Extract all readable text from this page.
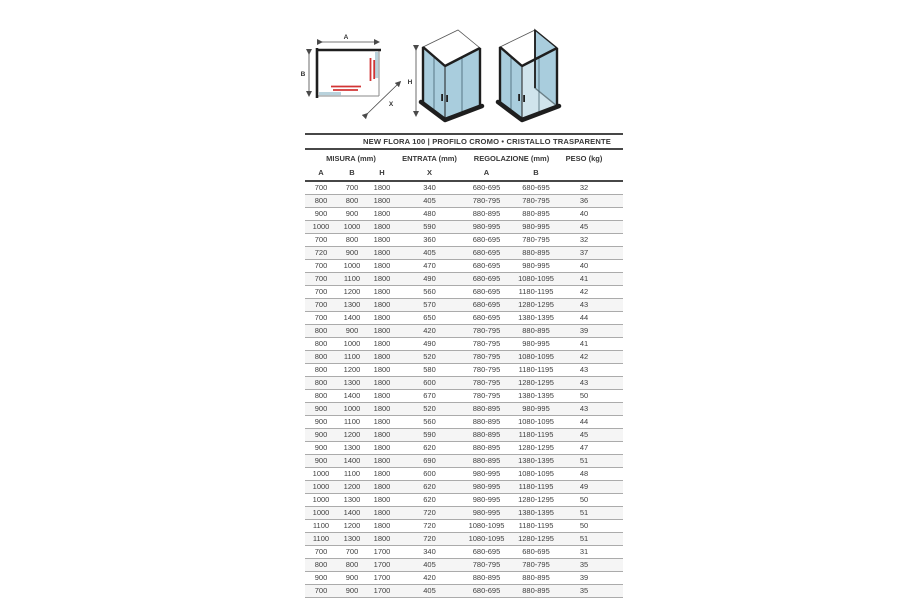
A
B
X
H
NEW FLORA 100 | PROFILO CROMO • CRISTALLO TRASPARENTE
MISURA (mm)	ENTRATA (mm)	REGOLAZIONE (mm)	PESO (kg)
A	B	H	X	A	B
700	700	1800	340	680-695	680-695	32
800	800	1800	405	780-795	780-795	36
900	900	1800	480	880-895	880-895	40
1000	1000	1800	590	980-995	980-995	45
700	800	1800	360	680-695	780-795	32
720	900	1800	405	680-695	880-895	37
700	1000	1800	470	680-695	980-995	40
700	1100	1800	490	680-695	1080-1095	41
700	1200	1800	560	680-695	1180-1195	42
700	1300	1800	570	680-695	1280-1295	43
700	1400	1800	650	680-695	1380-1395	44
800	900	1800	420	780-795	880-895	39
800	1000	1800	490	780-795	980-995	41
800	1100	1800	520	780-795	1080-1095	42
800	1200	1800	580	780-795	1180-1195	43
800	1300	1800	600	780-795	1280-1295	43
800	1400	1800	670	780-795	1380-1395	50
900	1000	1800	520	880-895	980-995	43
900	1100	1800	560	880-895	1080-1095	44
900	1200	1800	590	880-895	1180-1195	45
900	1300	1800	620	880-895	1280-1295	47
900	1400	1800	690	880-895	1380-1395	51
1000	1100	1800	600	980-995	1080-1095	48
1000	1200	1800	620	980-995	1180-1195	49
1000	1300	1800	620	980-995	1280-1295	50
1000	1400	1800	720	980-995	1380-1395	51
1100	1200	1800	720	1080-1095	1180-1195	50
1100	1300	1800	720	1080-1095	1280-1295	51
700	700	1700	340	680-695	680-695	31
800	800	1700	405	780-795	780-795	35
900	900	1700	420	880-895	880-895	39
700	900	1700	405	680-695	880-895	35
